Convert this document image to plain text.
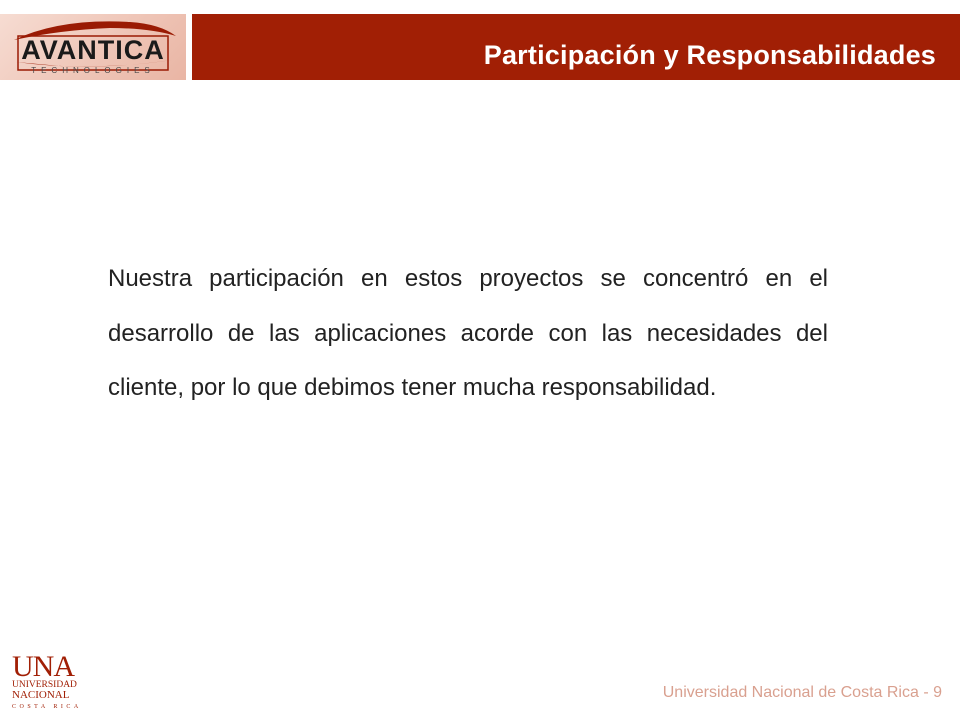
AVANTICA
TECHNOLOGIES
Participación y Responsabilidades

Nuestra participación en estos proyectos se concentró en el desarrollo de las aplicaciones acorde con las necesidades del cliente, por lo que debimos tener mucha responsabilidad.

UNA
UNIVERSIDAD
NACIONAL
COSTA RICA
Universidad Nacional de Costa Rica - 9
